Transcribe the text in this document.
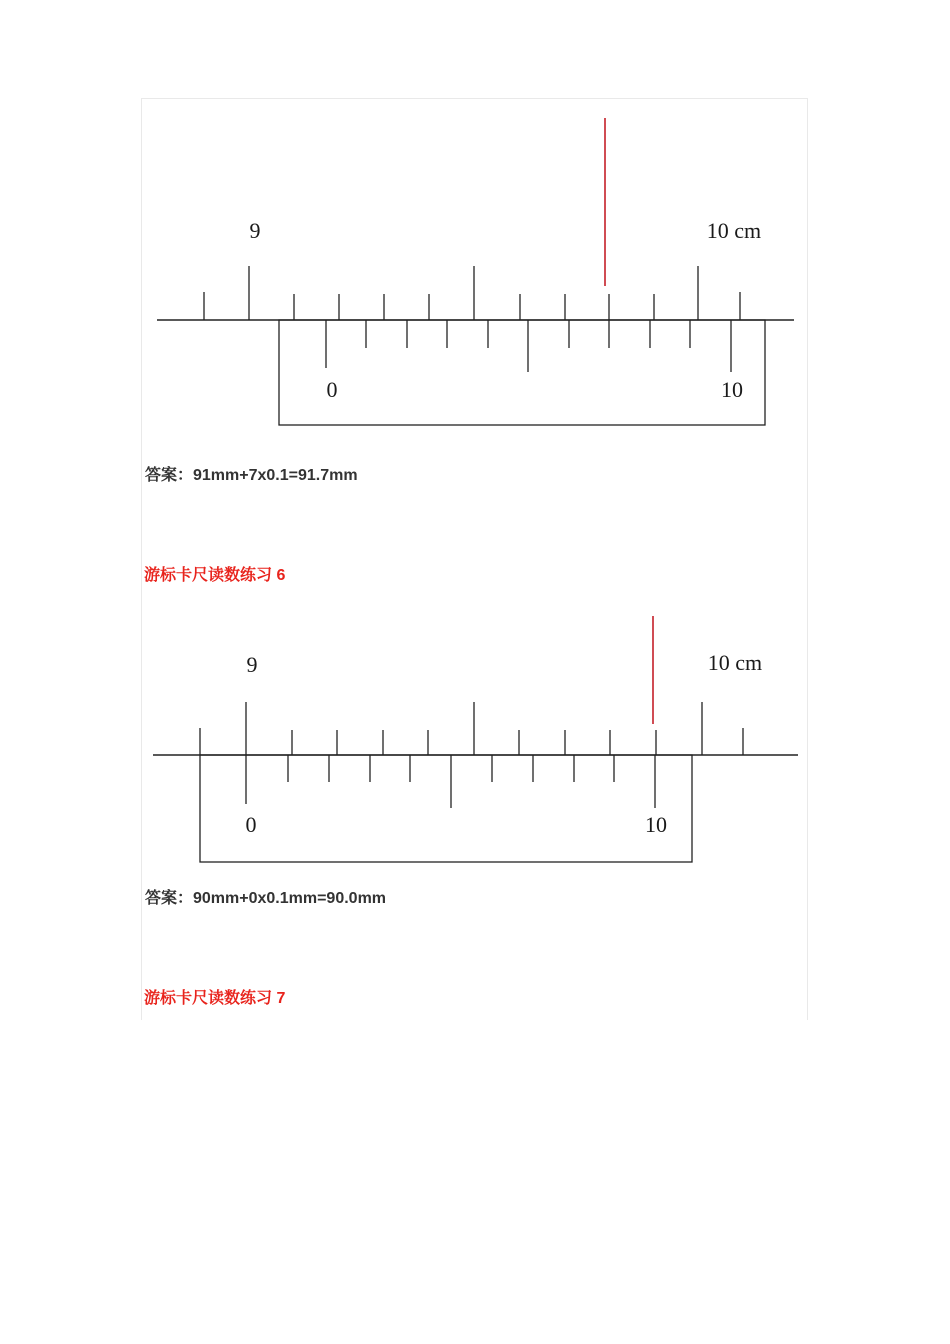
9	10 cm
0	10
答案：91mm+7x0.1=91.7mm
游标卡尺读数练习 6
9	10 cm
0	10
答案：90mm+0x0.1mm=90.0mm
游标卡尺读数练习 7
